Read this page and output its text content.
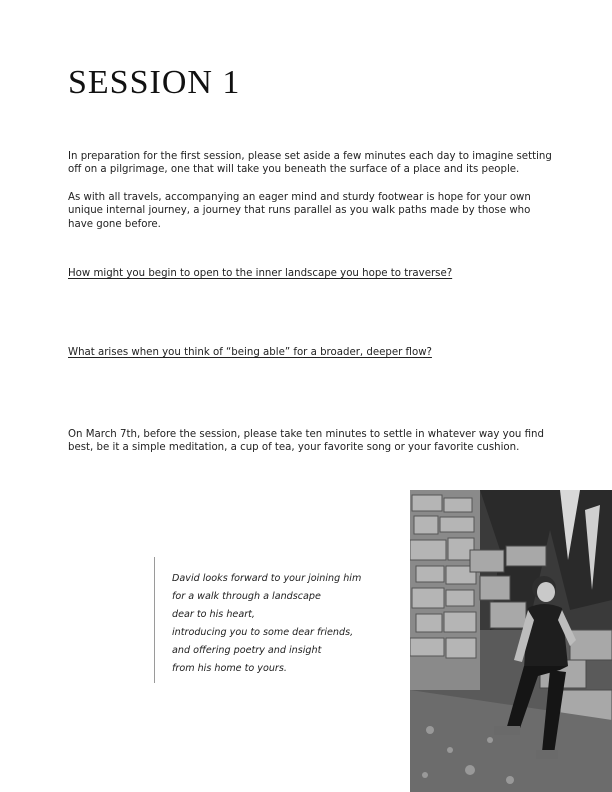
SESSION 1

In preparation for the first session, please set aside a few minutes each day to imagine setting off on a pilgrimage, one that will take you beneath the surface of a place and its people.

As with all travels, accompanying an eager mind and sturdy footwear is hope for your own unique internal journey, a journey that runs parallel as you walk paths made by those who have gone before.

How might you begin to open to the inner landscape you hope to traverse?

What arises when you think of “being able” for a broader, deeper flow?

On March 7th, before the session, please take ten minutes to settle in whatever way you find best, be it a simple meditation, a cup of tea, your favorite song or your favorite cushion.

David looks forward to your joining him
for a walk through a landscape
dear to his heart,
introducing you to some dear friends,
and offering poetry and insight
from his home to yours.
